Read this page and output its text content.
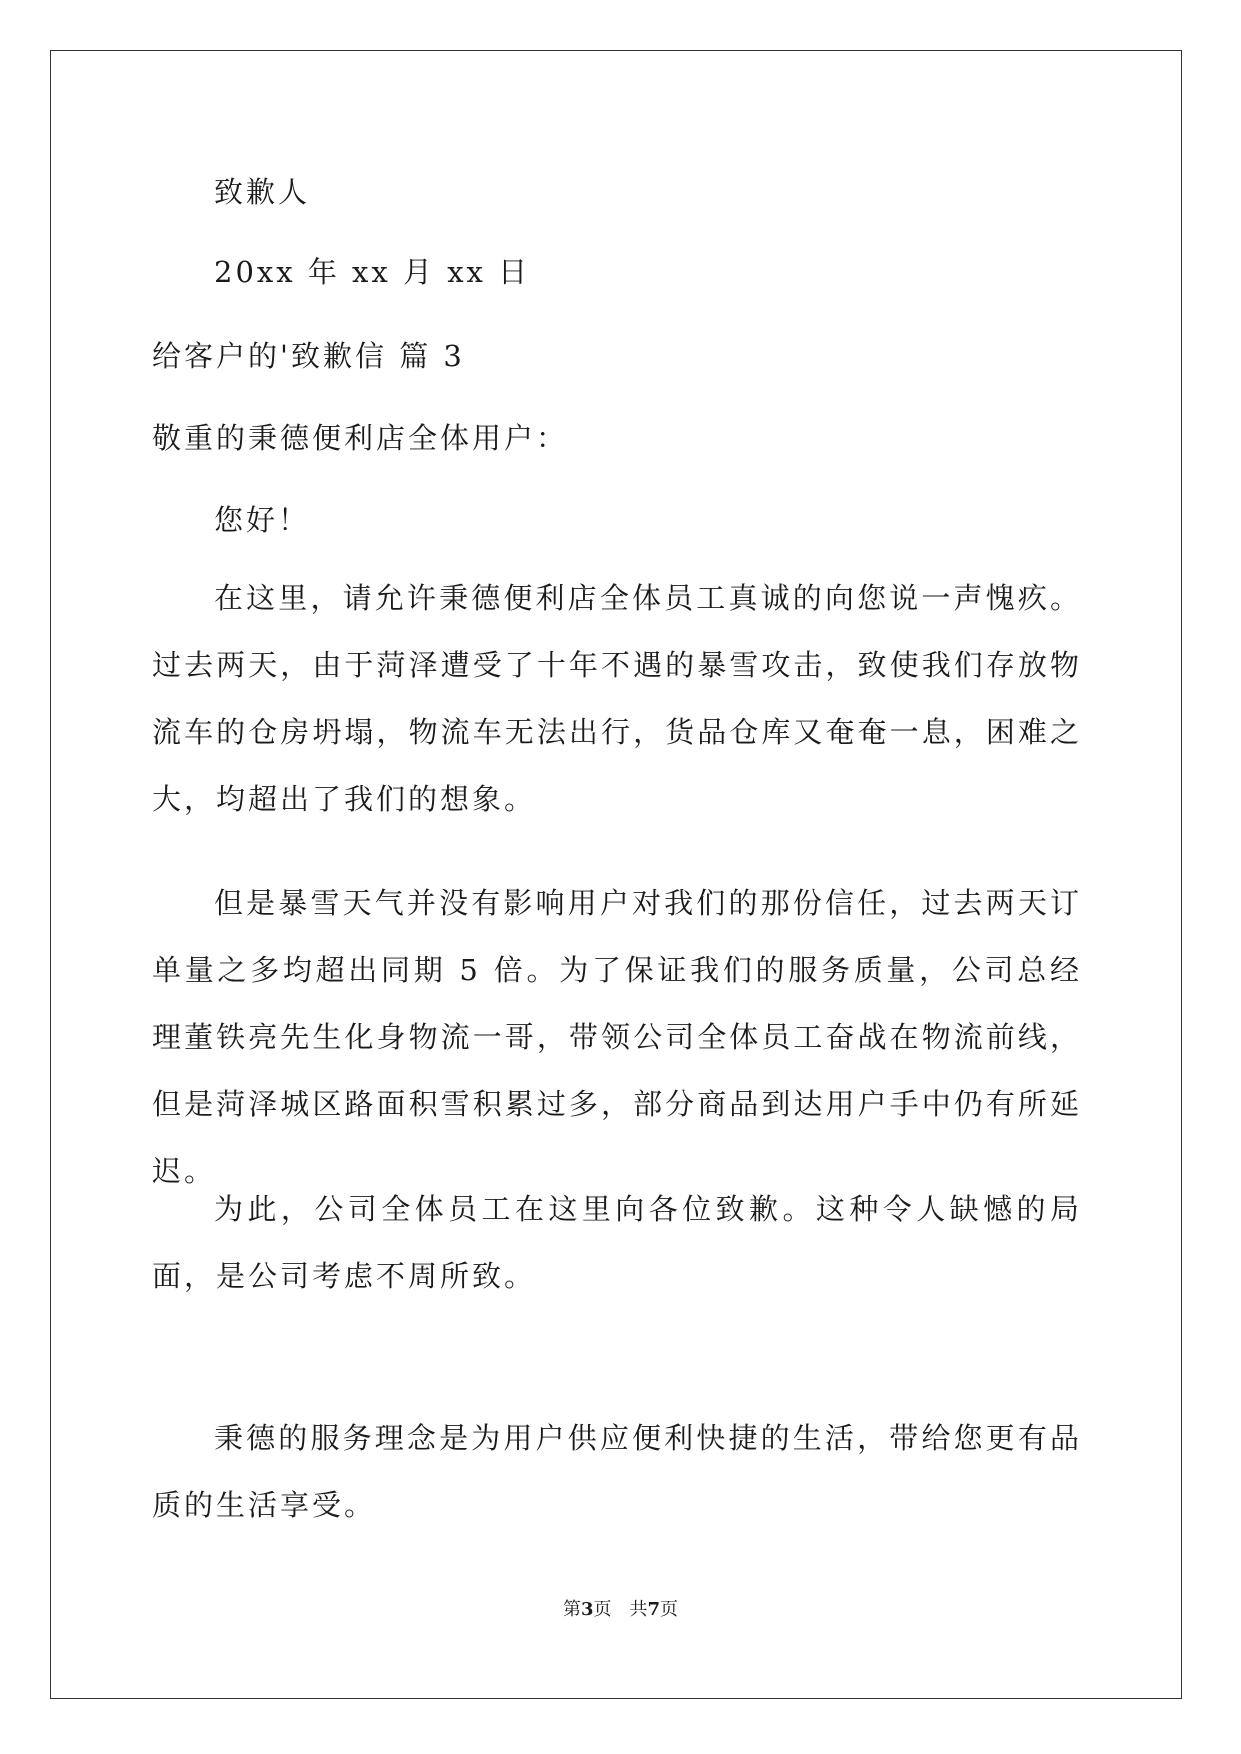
致歉人
20xx 年 xx 月 xx 日
给客户的'致歉信 篇 3
敬重的秉德便利店全体用户：
您好！
在这里，请允许秉德便利店全体员工真诚的向您说一声愧疚。过去两天，由于菏泽遭受了十年不遇的暴雪攻击，致使我们存放物流车的仓房坍塌，物流车无法出行，货品仓库又奄奄一息，困难之大，均超出了我们的想象。
但是暴雪天气并没有影响用户对我们的那份信任，过去两天订单量之多均超出同期 5 倍。为了保证我们的服务质量，公司总经理董铁亮先生化身物流一哥，带领公司全体员工奋战在物流前线，但是菏泽城区路面积雪积累过多，部分商品到达用户手中仍有所延迟。
为此，公司全体员工在这里向各位致歉。这种令人缺憾的局面，是公司考虑不周所致。
秉德的服务理念是为用户供应便利快捷的生活，带给您更有品质的生活享受。
第3页　共7页
